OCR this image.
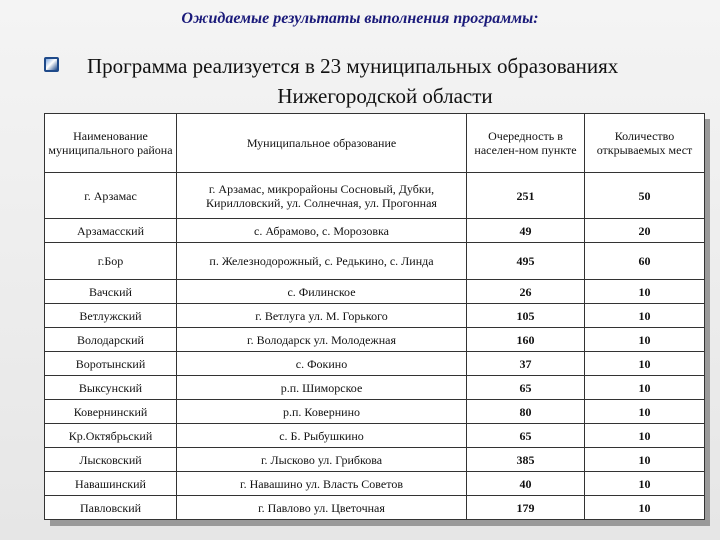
Ожидаемые результаты выполнения программы:
Программа реализуется в 23 муниципальных образованиях
Нижегородской области
Наименование муниципального района	Муниципальное образование	Очередность в населен-ном пункте	Количество открываемых мест
г. Арзамас	г. Арзамас, микрорайоны Сосновый, Дубки, Кирилловский, ул. Солнечная, ул. Прогонная	251	50
Арзамасский	с. Абрамово, с. Морозовка	49	20
г.Бор	п. Железнодорожный, с. Редькино, с. Линда	495	60
Вачский	с. Филинское	26	10
Ветлужский	г. Ветлуга ул. М. Горького	105	10
Володарский	г. Володарск ул. Молодежная	160	10
Воротынский	с. Фокино	37	10
Выксунский	р.п. Шиморское	65	10
Ковернинский	р.п. Ковернино	80	10
Кр.Октябрьский	с. Б. Рыбушкино	65	10
Лысковский	г. Лысково ул. Грибкова	385	10
Навашинский	г. Навашино ул. Власть Советов	40	10
Павловский	г. Павлово ул. Цветочная	179	10
